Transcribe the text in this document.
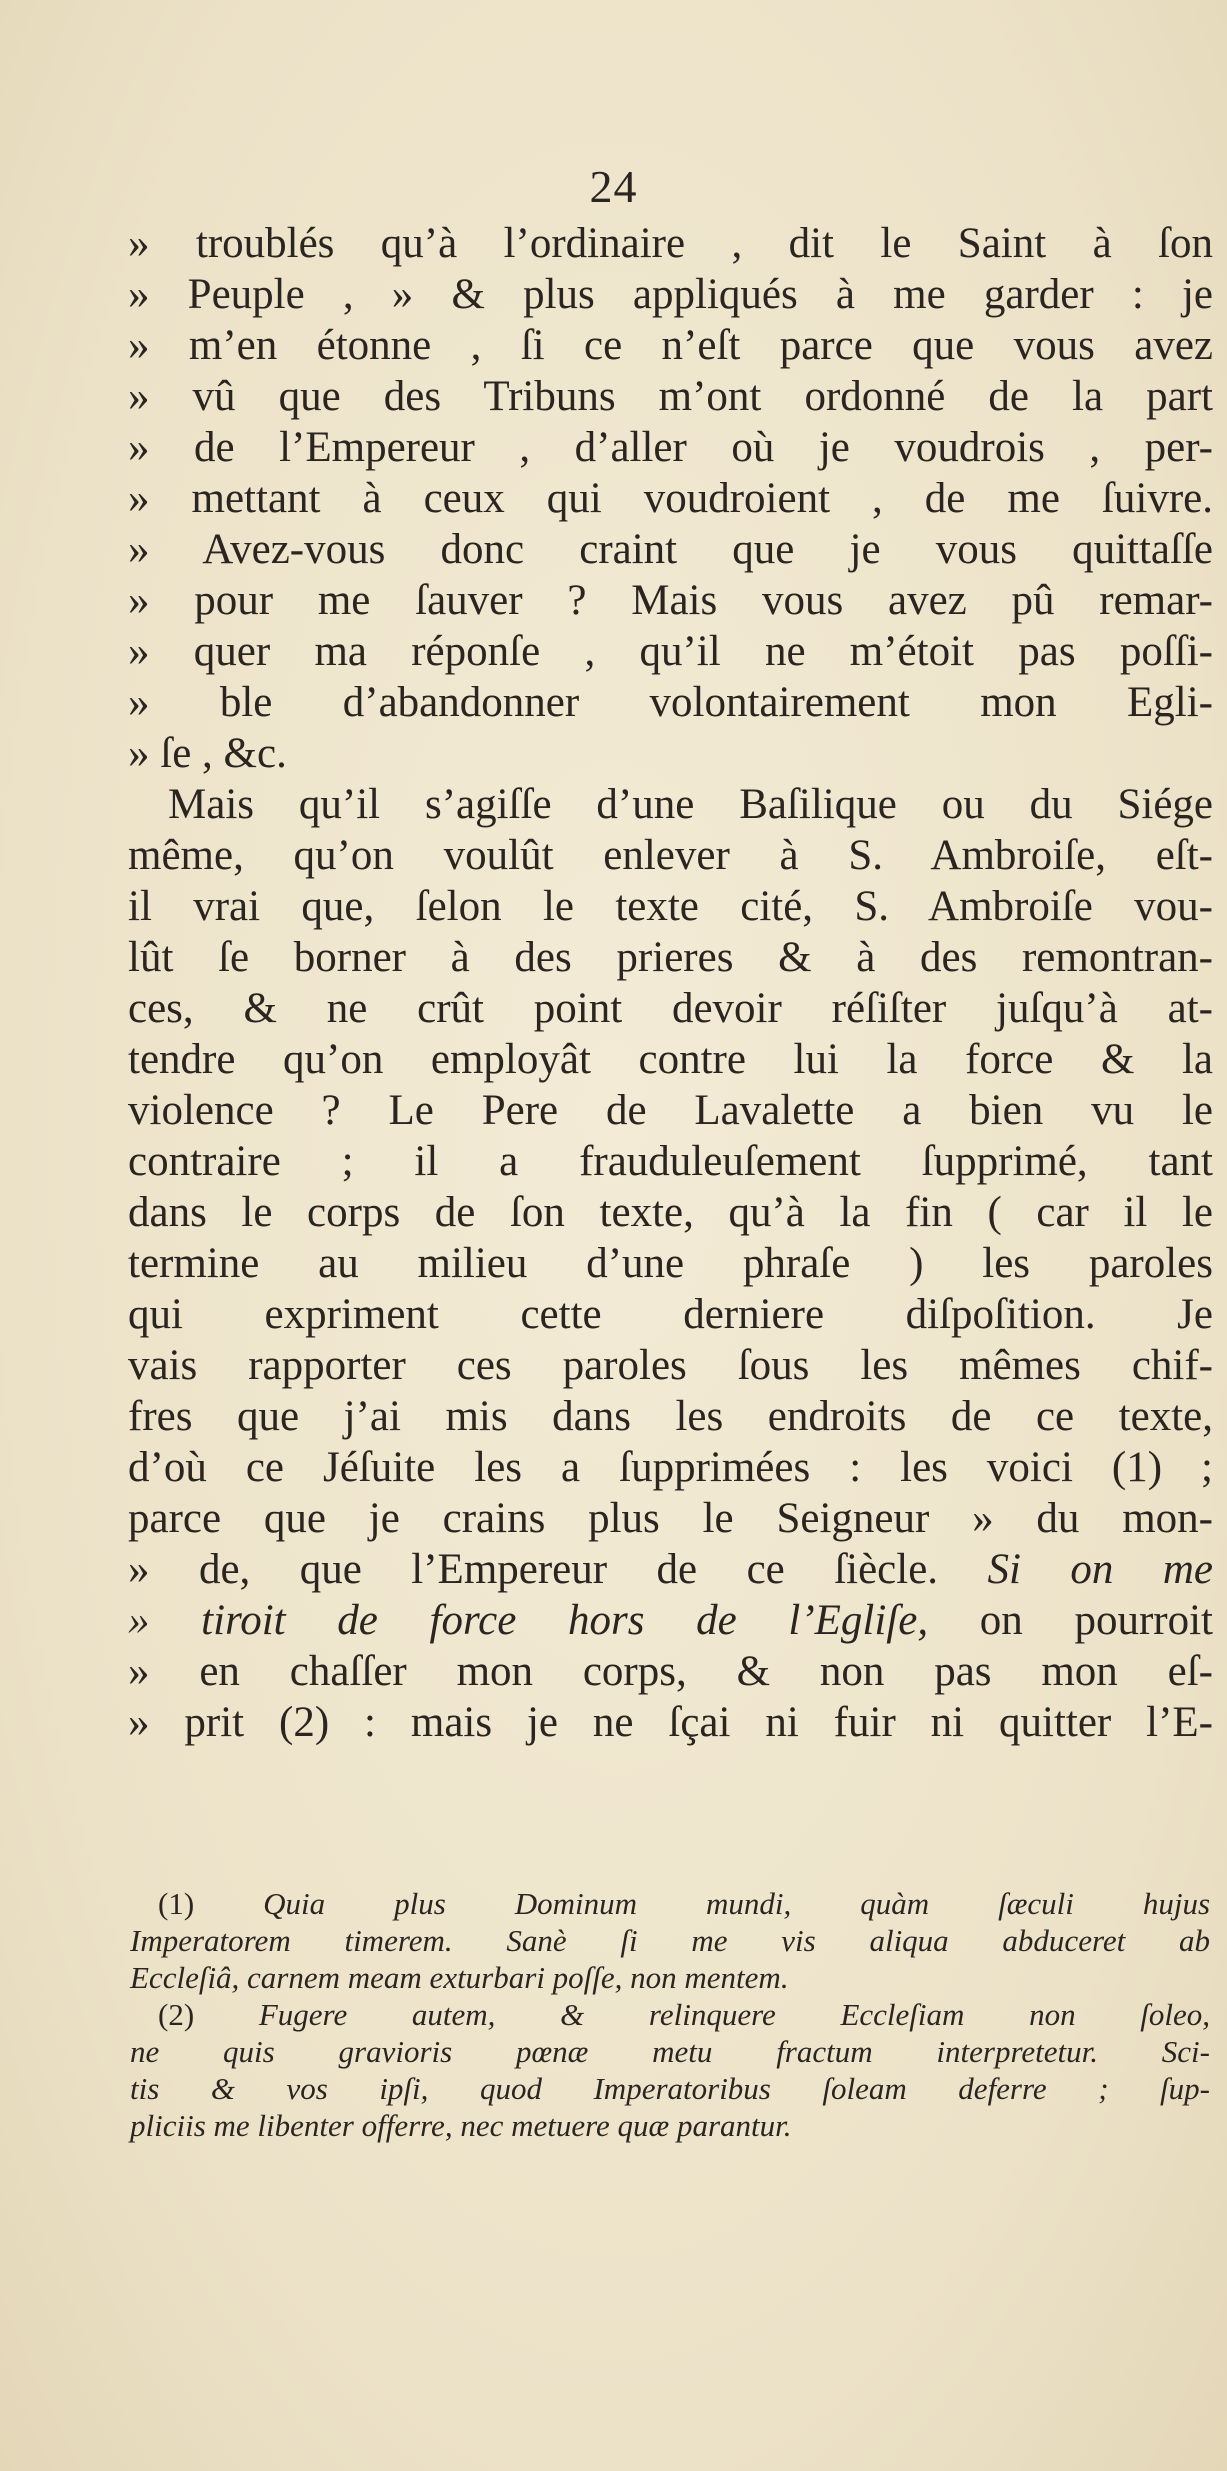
24
» troublés qu’à l’ordinaire , dit le Saint à ſon
» Peuple , » & plus appliqués à me garder : je
» m’en étonne , ſi ce n’eſt parce que vous avez
» vû que des Tribuns m’ont ordonné de la part
» de l’Empereur , d’aller où je voudrois , per-
» mettant à ceux qui voudroient , de me ſuivre.
» Avez-vous donc craint que je vous quittaſſe
» pour me ſauver ? Mais vous avez pû remar-
» quer ma réponſe , qu’il ne m’étoit pas poſſi-
» ble d’abandonner volontairement mon Egli-
» ſe , &c.
Mais qu’il s’agiſſe d’une Baſilique ou du Siége
même, qu’on voulût enlever à S. Ambroiſe, eſt-
il vrai que, ſelon le texte cité, S. Ambroiſe vou-
lût ſe borner à des prieres & à des remontran-
ces, & ne crût point devoir réſiſter juſqu’à at-
tendre qu’on employât contre lui la force & la
violence ? Le Pere de Lavalette a bien vu le
contraire ; il a frauduleuſement ſupprimé, tant
dans le corps de ſon texte, qu’à la fin ( car il le
termine au milieu d’une phraſe ) les paroles
qui expriment cette derniere diſpoſition. Je
vais rapporter ces paroles ſous les mêmes chif-
fres que j’ai mis dans les endroits de ce texte,
d’où ce Jéſuite les a ſupprimées : les voici (1) ;
parce que je crains plus le Seigneur » du mon-
» de, que l’Empereur de ce ſiècle. Si on me
» tiroit de force hors de l’Egliſe, on pourroit
» en chaſſer mon corps, & non pas mon eſ-
» prit (2) : mais je ne ſçai ni fuir ni quitter l’E-
(1) Quia plus Dominum mundi, quàm ſæculi hujus
Imperatorem timerem. Sanè ſi me vis aliqua abduceret ab
Eccleſiâ, carnem meam exturbari poſſe, non mentem.
(2) Fugere autem, & relinquere Eccleſiam non ſoleo,
ne quis gravioris pœnæ metu fractum interpretetur. Sci-
tis & vos ipſi, quod Imperatoribus ſoleam deferre ; ſup-
pliciis me libenter offerre, nec metuere quæ parantur.
